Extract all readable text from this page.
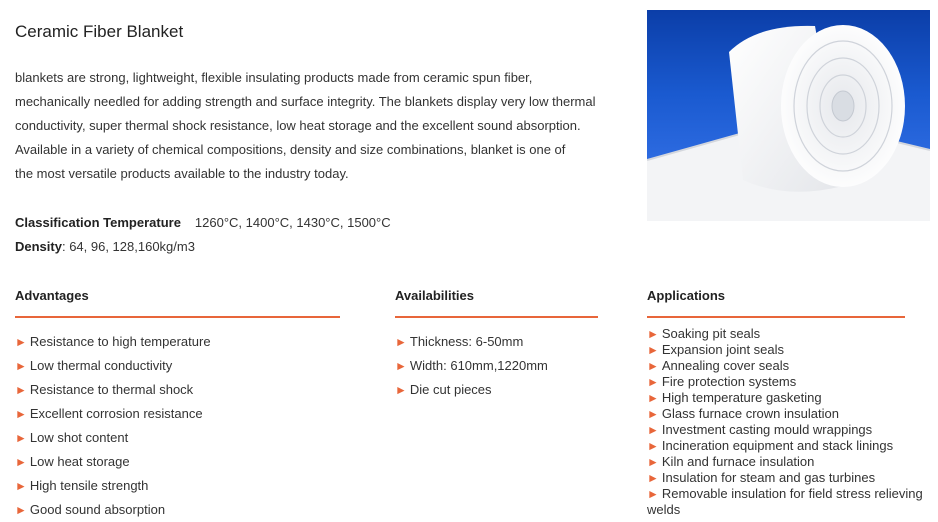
Ceramic Fiber Blanket

blankets are strong, lightweight, flexible insulating products made from ceramic spun fiber,

mechanically needled for adding strength and surface integrity. The blankets display very low thermal

conductivity, super thermal shock resistance, low heat storage and the excellent sound absorption.

Available in a variety of chemical compositions, density and size combinations, blanket is one of

the most versatile products available to the industry today.

Classification Temperature 1260°C, 1400°C, 1430°C, 1500°C
Density: 64, 96, 128,160kg/m3
Advantages
► Resistance to high temperature
► Low thermal conductivity
► Resistance to thermal shock
► Excellent corrosion resistance
► Low shot content
► Low heat storage
► High tensile strength
► Good sound absorption
Availabilities
► Thickness: 6-50mm
► Width: 610mm,1220mm
► Die cut pieces
Applications
► Soaking pit seals
► Expansion joint seals
► Annealing cover seals
► Fire protection systems
► High temperature gasketing
► Glass furnace crown insulation
► Investment casting mould wrappings
► Incineration equipment and stack linings
► Kiln and furnace insulation
► Insulation for steam and gas turbines
► Removable insulation for field stress relieving welds
